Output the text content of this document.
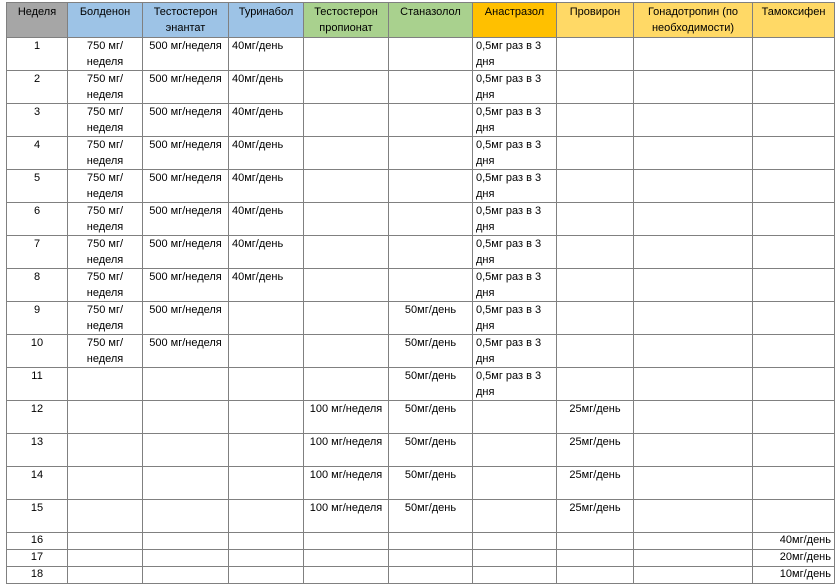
Неделя	Болденон	Тестостерон энантат	Туринабол	Тестостерон пропионат	Станазолол	Анастразол	Провирон	Гонадотропин (по необходимости)	Тамоксифен
1	750 мг/неделя	500 мг/неделя	40мг/день			0,5мг раз в 3 дня			
2	750 мг/неделя	500 мг/неделя	40мг/день			0,5мг раз в 3 дня			
3	750 мг/неделя	500 мг/неделя	40мг/день			0,5мг раз в 3 дня			
4	750 мг/неделя	500 мг/неделя	40мг/день			0,5мг раз в 3 дня			
5	750 мг/неделя	500 мг/неделя	40мг/день			0,5мг раз в 3 дня			
6	750 мг/неделя	500 мг/неделя	40мг/день			0,5мг раз в 3 дня			
7	750 мг/неделя	500 мг/неделя	40мг/день			0,5мг раз в 3 дня			
8	750 мг/неделя	500 мг/неделя	40мг/день			0,5мг раз в 3 дня			
9	750 мг/неделя	500 мг/неделя			50мг/день	0,5мг раз в 3 дня			
10	750 мг/неделя	500 мг/неделя			50мг/день	0,5мг раз в 3 дня			
11					50мг/день	0,5мг раз в 3 дня			
12				100 мг/неделя	50мг/день		25мг/день		
13				100 мг/неделя	50мг/день		25мг/день		
14				100 мг/неделя	50мг/день		25мг/день		
15				100 мг/неделя	50мг/день		25мг/день		
16									40мг/день
17									20мг/день
18									10мг/день
